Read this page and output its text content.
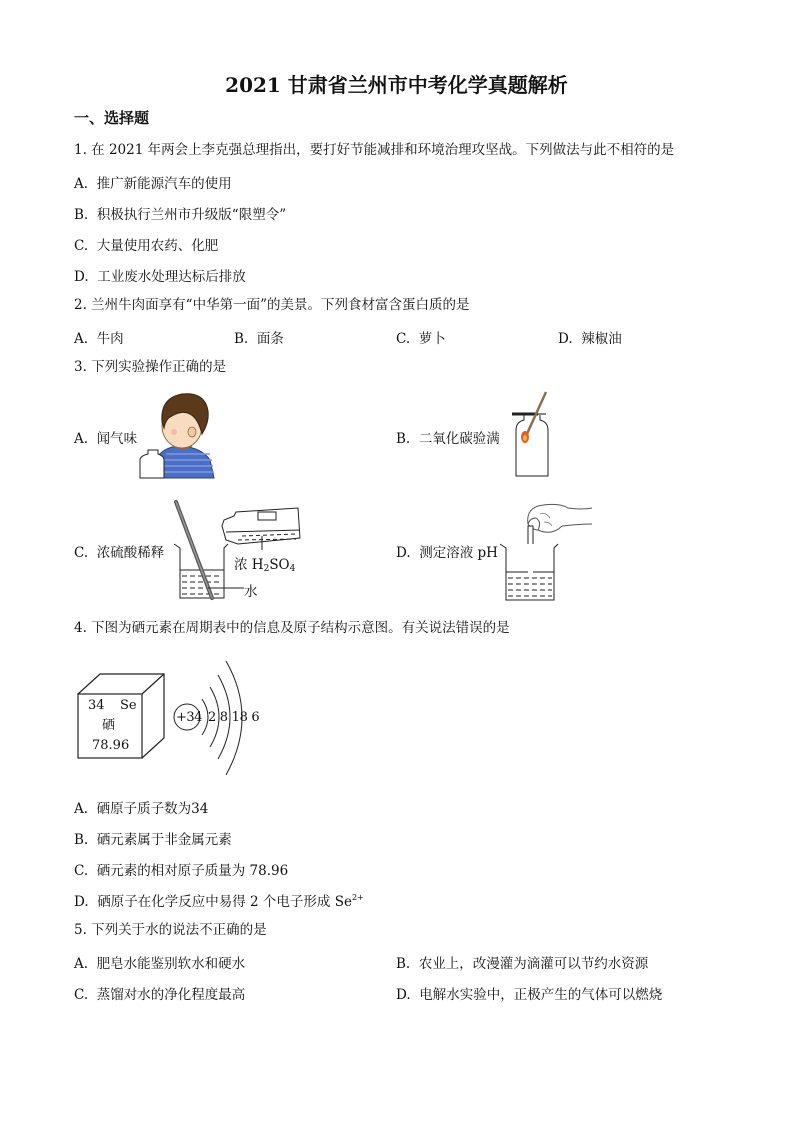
2021 甘肃省兰州市中考化学真题解析
一、选择题
1. 在 2021 年两会上李克强总理指出，要打好节能减排和环境治理攻坚战。下列做法与此不相符的是
A. 推广新能源汽车的使用
B. 积极执行兰州市升级版“限塑令”
C. 大量使用农药、化肥
D. 工业废水处理达标后排放
2. 兰州牛肉面享有“中华第一面”的美景。下列食材富含蛋白质的是
A. 牛肉	B. 面条	C. 萝卜	D. 辣椒油
3. 下列实验操作正确的是
A. 闻气味	B. 二氧化碳验满
C. 浓硫酸稀释
浓 $H_2SO_4$
水
D. 测定溶液 pH
4. 下图为硒元素在周期表中的信息及原子结构示意图。有关说法错误的是
34 Se
硒
78.96
+34 2 8 18 6
A. 硒原子质子数为34
B. 硒元素属于非金属元素
C. 硒元素的相对原子质量为 78.96
D. 硒原子在化学反应中易得 2 个电子形成 $Se^{2+}$
5. 下列关于水的说法不正确的是
A. 肥皂水能鉴别软水和硬水	B. 农业上，改漫灌为滴灌可以节约水资源
C. 蒸馏对水的净化程度最高	D. 电解水实验中，正极产生的气体可以燃烧
